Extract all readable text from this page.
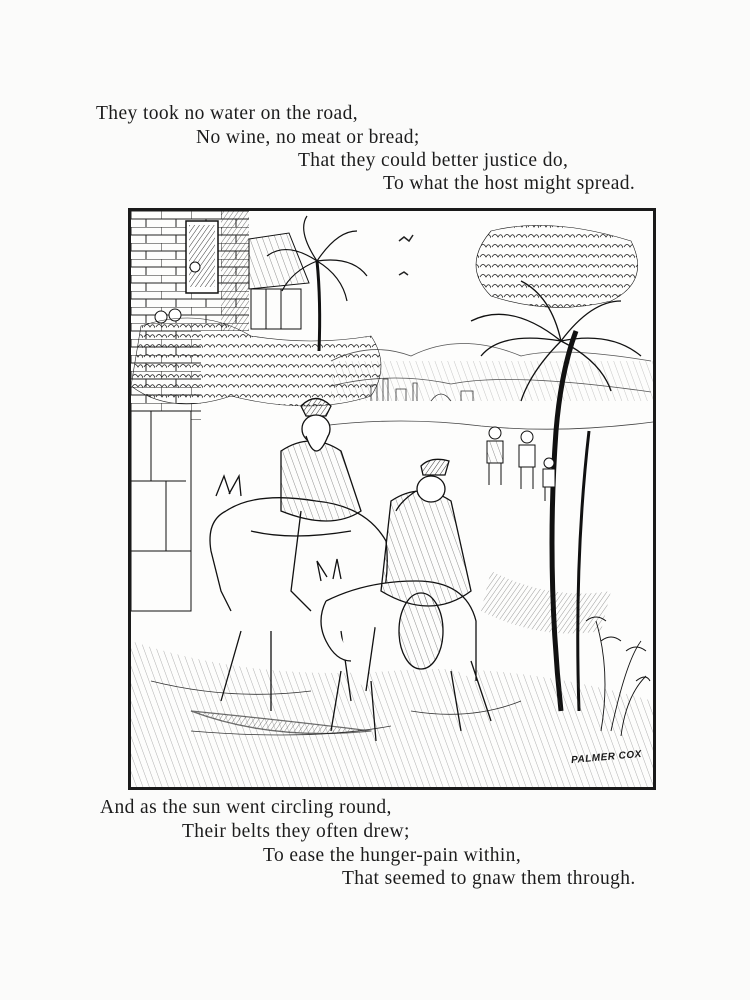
They took no water on the road,
No wine, no meat or bread;
That they could better justice do,
To what the host might spread.
PALMER COX
And as the sun went circling round,
Their belts they often drew;
To ease the hunger-pain within,
That seemed to gnaw them through.
